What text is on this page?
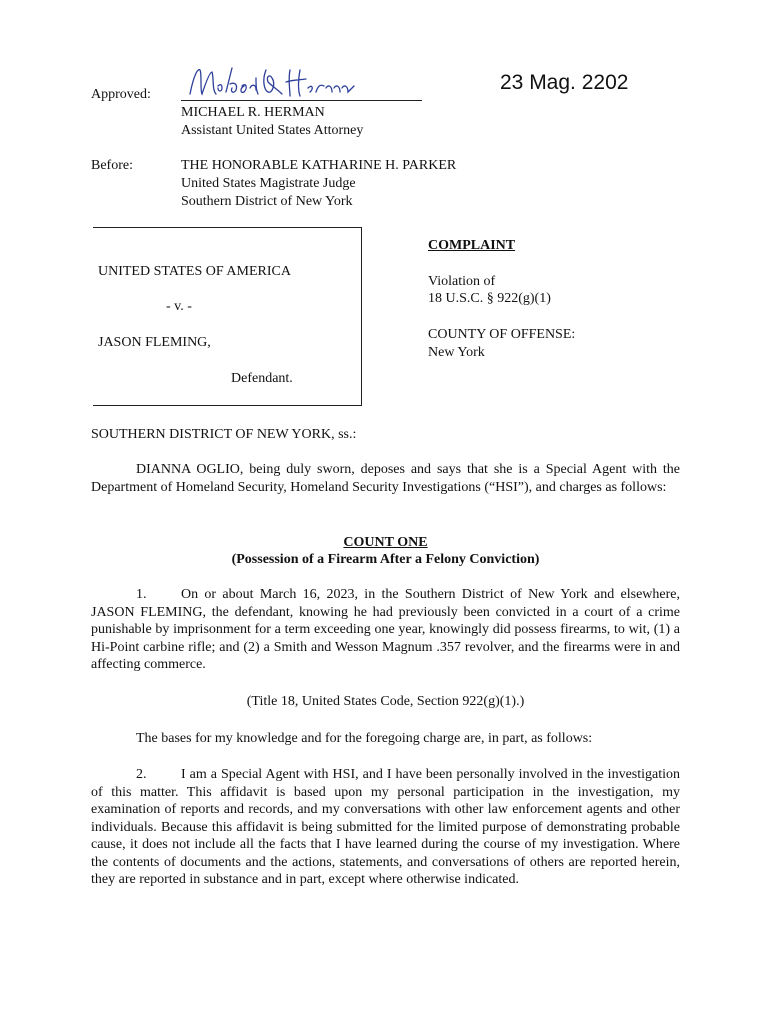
Approved:
23 Mag. 2202
MICHAEL R. HERMAN
Assistant United States Attorney
Before:	THE HONORABLE KATHARINE H. PARKER
United States Magistrate Judge
Southern District of New York
UNITED STATES OF AMERICA
- v. -
JASON FLEMING,
Defendant.
COMPLAINT
Violation of
18 U.S.C. § 922(g)(1)
COUNTY OF OFFENSE:
New York
SOUTHERN DISTRICT OF NEW YORK, ss.:

DIANNA OGLIO, being duly sworn, deposes and says that she is a Special Agent with the Department of Homeland Security, Homeland Security Investigations (“HSI”), and charges as follows:

COUNT ONE
(Possession of a Firearm After a Felony Conviction)

1. On or about March 16, 2023, in the Southern District of New York and elsewhere, JASON FLEMING, the defendant, knowing he had previously been convicted in a court of a crime punishable by imprisonment for a term exceeding one year, knowingly did possess firearms, to wit, (1) a Hi-Point carbine rifle; and (2) a Smith and Wesson Magnum .357 revolver, and the firearms were in and affecting commerce.

(Title 18, United States Code, Section 922(g)(1).)

The bases for my knowledge and for the foregoing charge are, in part, as follows:

2. I am a Special Agent with HSI, and I have been personally involved in the investigation of this matter. This affidavit is based upon my personal participation in the investigation, my examination of reports and records, and my conversations with other law enforcement agents and other individuals. Because this affidavit is being submitted for the limited purpose of demonstrating probable cause, it does not include all the facts that I have learned during the course of my investigation. Where the contents of documents and the actions, statements, and conversations of others are reported herein, they are reported in substance and in part, except where otherwise indicated.
